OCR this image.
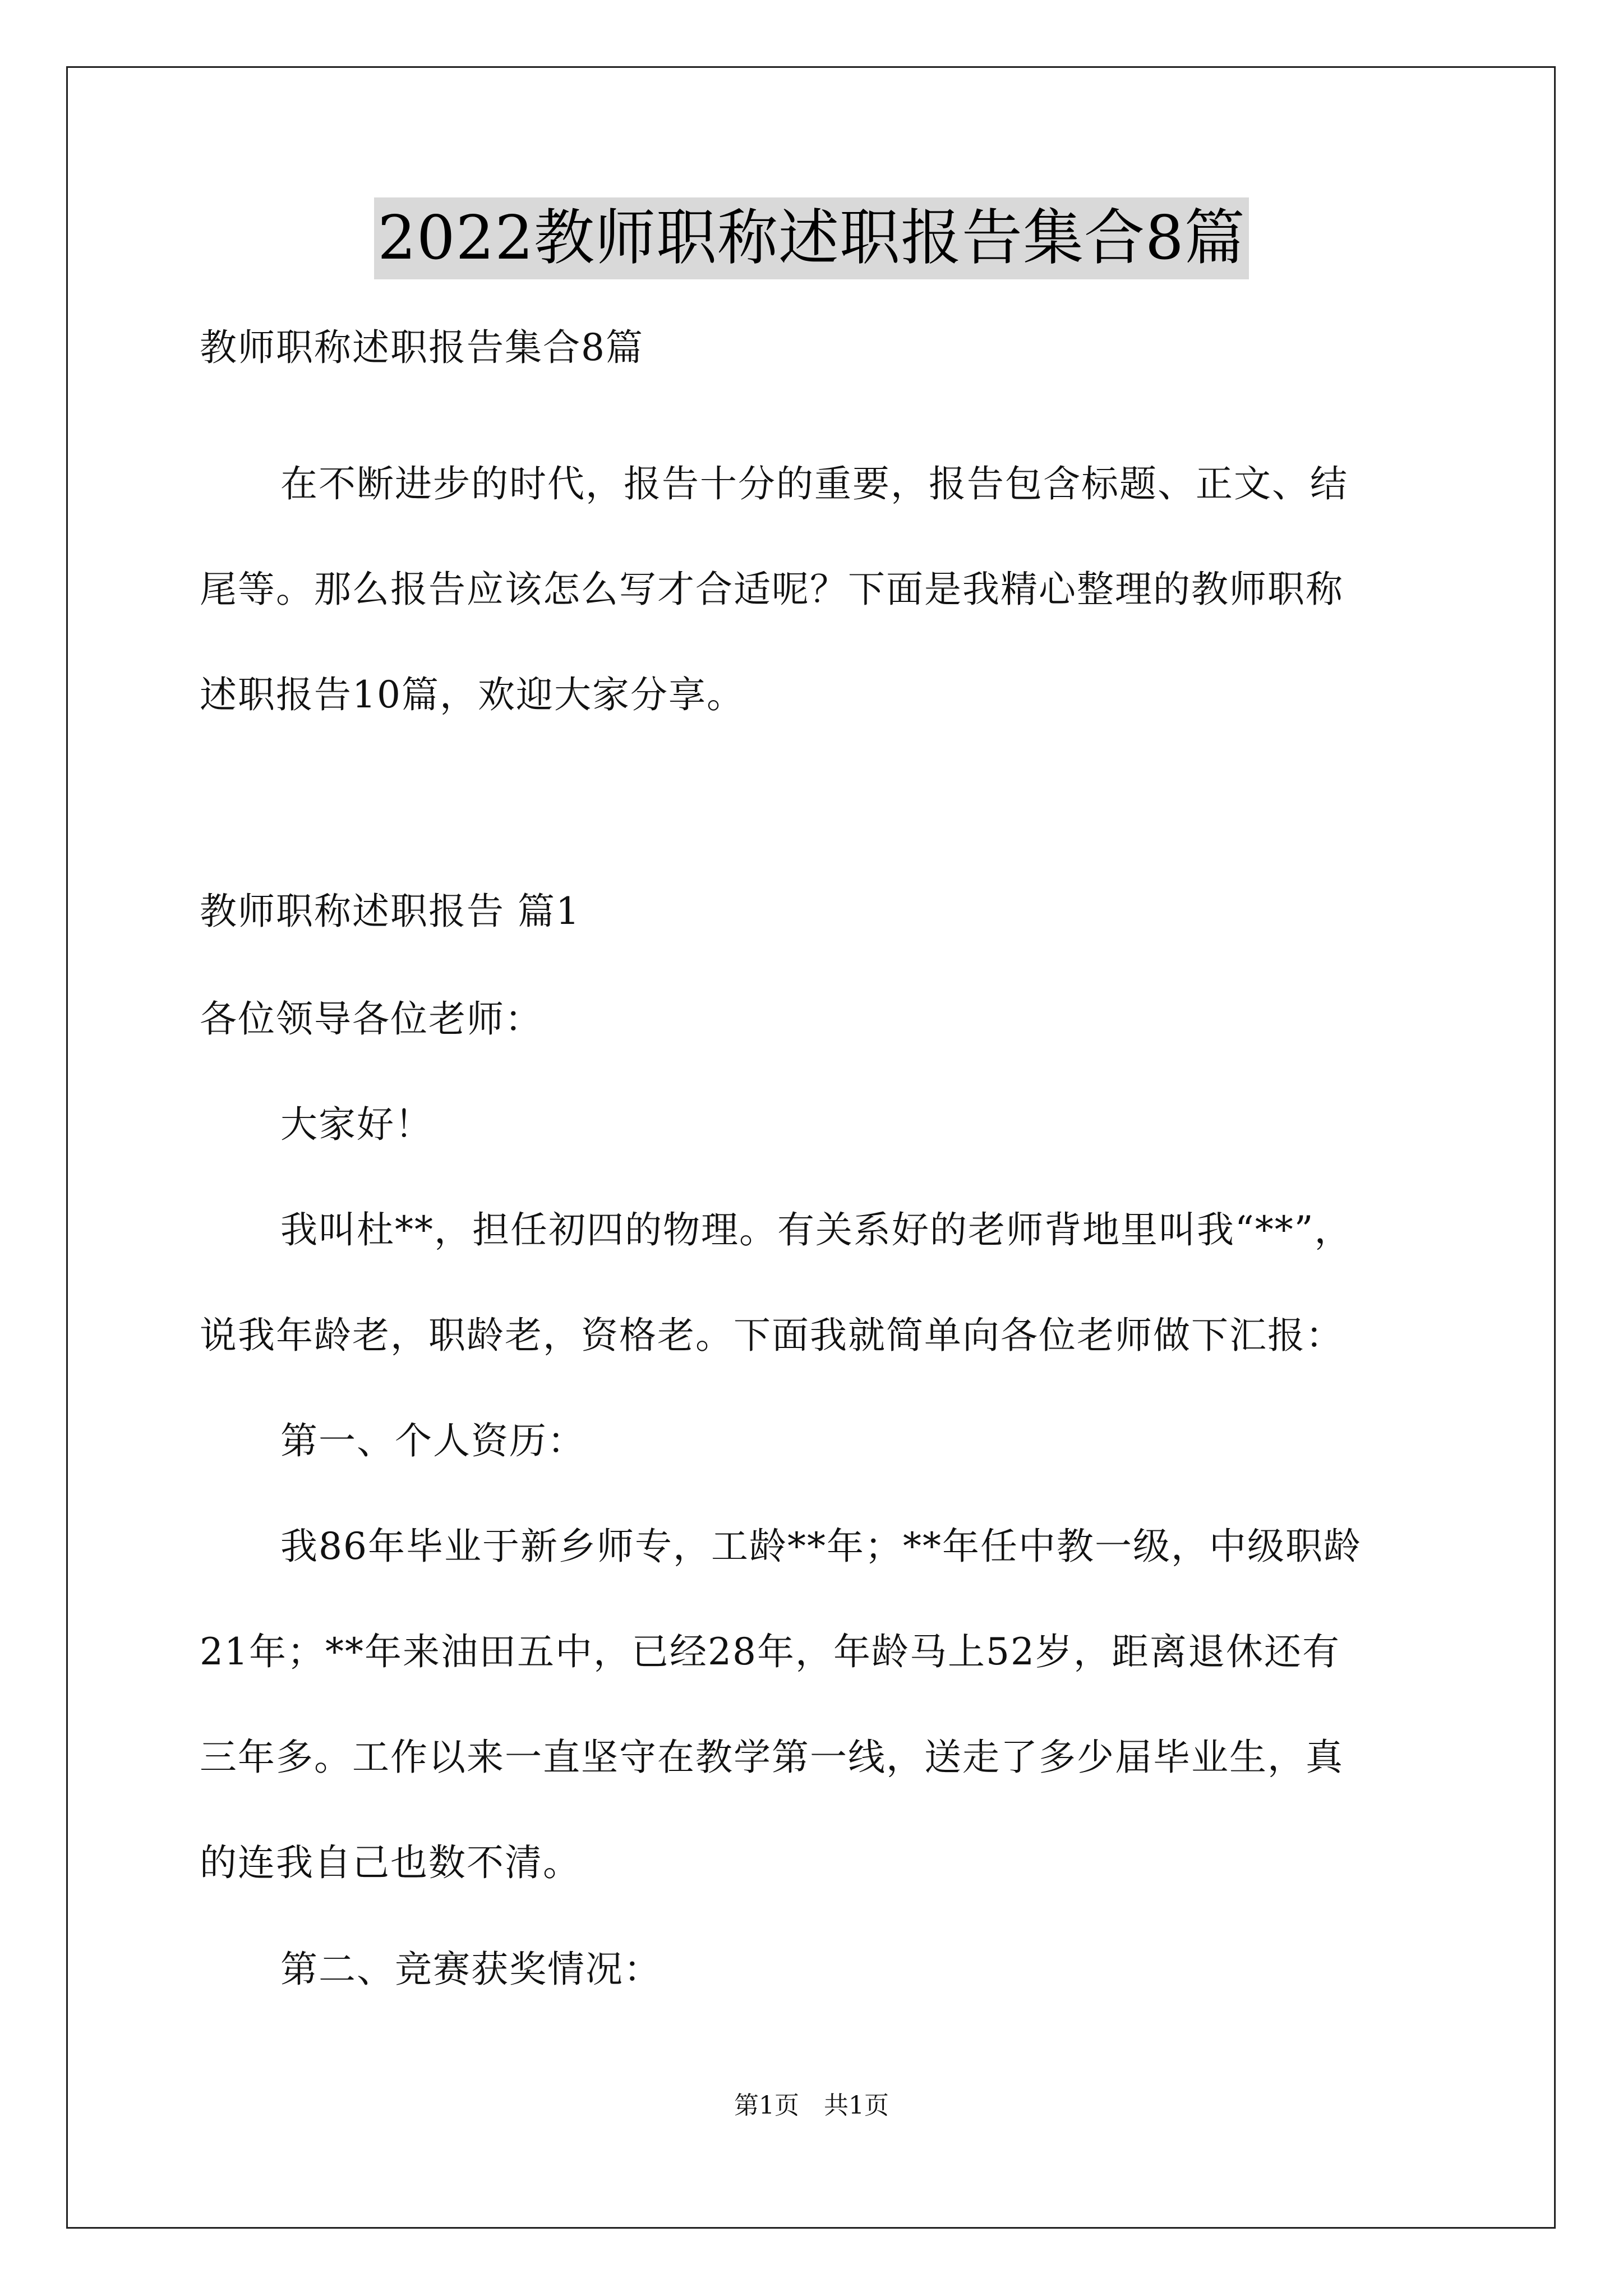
2022教师职称述职报告集合8篇
教师职称述职报告集合8篇
在不断进步的时代，报告十分的重要，报告包含标题、正文、结
尾等。那么报告应该怎么写才合适呢？下面是我精心整理的教师职称
述职报告10篇，欢迎大家分享。
教师职称述职报告 篇1
各位领导各位老师：
大家好！
我叫杜**，担任初四的物理。有关系好的老师背地里叫我“**”，
说我年龄老，职龄老，资格老。下面我就简单向各位老师做下汇报：
第一、个人资历：
我86年毕业于新乡师专，工龄**年；**年任中教一级，中级职龄
21年；**年来油田五中，已经28年，年龄马上52岁，距离退休还有
三年多。工作以来一直坚守在教学第一线，送走了多少届毕业生，真
的连我自己也数不清。
第二、竞赛获奖情况：
第1页 共1页
